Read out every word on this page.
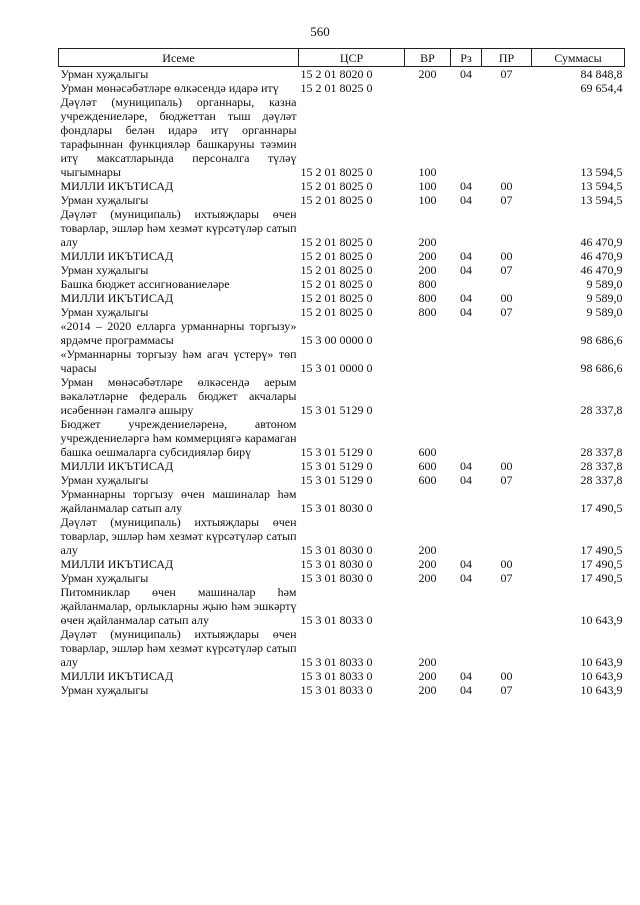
560
Исеме	ЦСР	ВР	Рз	ПР	Суммасы
Урман хуҗалыгы	15 2 01 8020 0	200	04	07	84 848,8
Урман мөнәсәбәтләре өлкәсендә идарә итү	15 2 01 8025 0				69 654,4
Дәүләт (муниципаль) органнары, казна учреждениеләре, бюджеттан тыш дәүләт фондлары белән идарә итү органнары тарафыннан функцияләр башкаруны тәэмин итү максатларында персоналга түләү чыгымнары	15 2 01 8025 0	100			13 594,5
МИЛЛИ ИКЪТИСАД	15 2 01 8025 0	100	04	00	13 594,5
Урман хуҗалыгы	15 2 01 8025 0	100	04	07	13 594,5
Дәүләт (муниципаль) ихтыяҗлары өчен товарлар, эшләр һәм хезмәт күрсәтүләр сатып алу	15 2 01 8025 0	200			46 470,9
МИЛЛИ ИКЪТИСАД	15 2 01 8025 0	200	04	00	46 470,9
Урман хуҗалыгы	15 2 01 8025 0	200	04	07	46 470,9
Башка бюджет ассигнованиеләре	15 2 01 8025 0	800			9 589,0
МИЛЛИ ИКЪТИСАД	15 2 01 8025 0	800	04	00	9 589,0
Урман хуҗалыгы	15 2 01 8025 0	800	04	07	9 589,0
«2014 – 2020 елларга урманнарны торгызу» ярдәмче программасы	15 3 00 0000 0				98 686,6
«Урманнарны торгызу һәм агач үстерү» төп чарасы	15 3 01 0000 0				98 686,6
Урман мөнәсәбәтләре өлкәсендә аерым вәкаләтләрне федераль бюджет акчалары исәбеннән гамәлгә ашыру	15 3 01 5129 0				28 337,8
Бюджет учреждениеләренә, автоном учреждениеләргә һәм коммерциягә карамаган башка оешмаларга субсидияләр бирү	15 3 01 5129 0	600			28 337,8
МИЛЛИ ИКЪТИСАД	15 3 01 5129 0	600	04	00	28 337,8
Урман хуҗалыгы	15 3 01 5129 0	600	04	07	28 337,8
Урманнарны торгызу өчен машиналар һәм җайланмалар сатып алу	15 3 01 8030 0				17 490,5
Дәүләт (муниципаль) ихтыяҗлары өчен товарлар, эшләр һәм хезмәт күрсәтүләр сатып алу	15 3 01 8030 0	200			17 490,5
МИЛЛИ ИКЪТИСАД	15 3 01 8030 0	200	04	00	17 490,5
Урман хуҗалыгы	15 3 01 8030 0	200	04	07	17 490,5
Питомниклар өчен машиналар һәм җайланмалар, орлыкларны җыю һәм эшкәртү өчен җайланмалар сатып алу	15 3 01 8033 0				10 643,9
Дәүләт (муниципаль) ихтыяҗлары өчен товарлар, эшләр һәм хезмәт күрсәтүләр сатып алу	15 3 01 8033 0	200			10 643,9
МИЛЛИ ИКЪТИСАД	15 3 01 8033 0	200	04	00	10 643,9
Урман хуҗалыгы	15 3 01 8033 0	200	04	07	10 643,9
